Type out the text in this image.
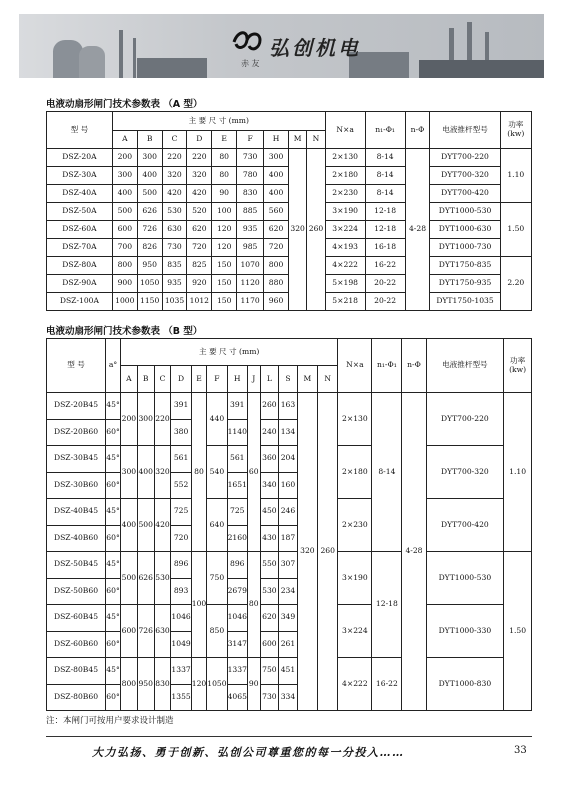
弘创机电
赤 友
电液动扇形闸门技术参数表 （A 型）
型 号	主 要 尺 寸 (mm)									N×a	n₁-Φ₁	n-Φ	电液推杆型号	功率
(kw)
	A	B	C	D	E	F	H	M	N					
DSZ-20A	200	300	220	220	80	730	300	320	260	2×130	8-14	4-28	DYT700-220	1.10
DSZ-30A	300	400	320	320	80	780	400			2×180	8-14		DYT700-320	
DSZ-40A	400	500	420	420	90	830	400			2×230	8-14		DYT700-420	
DSZ-50A	500	626	530	520	100	885	560			3×190	12-18		DYT1000-530	1.50
DSZ-60A	600	726	630	620	120	935	620			3×224	12-18		DYT1000-630	
DSZ-70A	700	826	730	720	120	985	720			4×193	16-18		DYT1000-730	
DSZ-80A	800	950	835	825	150	1070	800			4×222	16-22		DYT1750-835	2.20
DSZ-90A	900	1050	935	920	150	1120	880			5×198	20-22		DYT1750-935	
DSZ-100A	1000	1150	1035	1012	150	1170	960			5×218	20-22		DYT1750-1035	
电液动扇形闸门技术参数表 （B 型）
型 号	a°	主 要 尺 寸 (mm)												N×a	n₁-Φ₁	n-Φ	电液推杆型号	功率
(kw)
		A	B	C	D	E	F	H	J	L	S	M	N					
DSZ-20B45	45°	200	300	220	391	80	440	391	60	260	163	320	260	2×130	8-14	4-28	DYT700-220	1.10
DSZ-20B60	60°				380			1140		240	134							
DSZ-30B45	45°	300	400	320	561		540	561		360	204			2×180			DYT700-320	
DSZ-30B60	60°				552			1651		340	160							
DSZ-40B45	45°	400	500	420	725		640	725		450	246			2×230			DYT700-420	
DSZ-40B60	60°				720			2160		430	187							
DSZ-50B45	45°	500	626	530	896	100	750	896	80	550	307			3×190	12-18		DYT1000-530	1.50
DSZ-50B60	60°				893			2679		530	234							
DSZ-60B45	45°	600	726	630	1046		850	1046		620	349			3×224			DYT1000-330	
DSZ-60B60	60°				1049			3147		600	261							
DSZ-80B45	45°	800	950	830	1337	120	1050	1337	90	750	451			4×222	16-22		DYT1000-830	
DSZ-80B60	60°				1355			4065		730	334							
注：本闸门可按用户要求设计制造
大力弘扬、勇于创新、弘创公司尊重您的每一分投入……	33
